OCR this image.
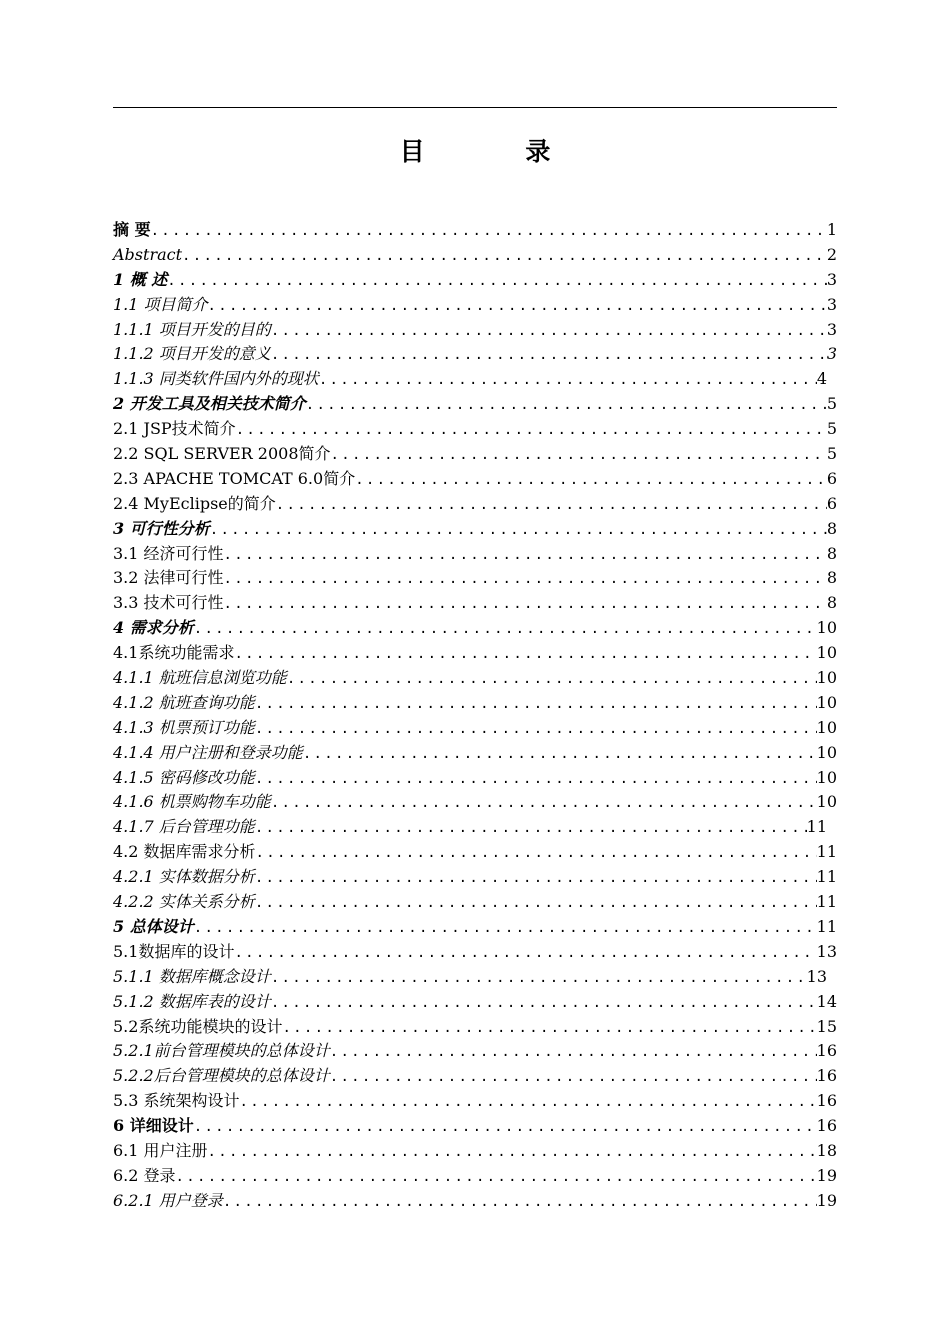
目 录
摘 要 .....	1
Abstract .....	2
1 概 述 .....	3
1.1 项目简介 .....	3
1.1.1 项目开发的目的 .....	3
1.1.2 项目开发的意义 .....	3
1.1.3 同类软件国内外的现状 .....	4
2 开发工具及相关技术简介 .....	5
2.1 JSP技术简介 .....	5
2.2 SQL SERVER 2008简介 .....	5
2.3 APACHE TOMCAT 6.0简介 .....	6
2.4 MyEclipse的简介 .....	6
3 可行性分析 .....	8
3.1 经济可行性 .....	8
3.2 法律可行性 .....	8
3.3 技术可行性 .....	8
4 需求分析 .....	10
4.1系统功能需求 .....	10
4.1.1 航班信息浏览功能 .....	10
4.1.2 航班查询功能 .....	10
4.1.3 机票预订功能 .....	10
4.1.4 用户注册和登录功能 .....	10
4.1.5 密码修改功能 .....	10
4.1.6 机票购物车功能 .....	10
4.1.7 后台管理功能 .....	11
4.2 数据库需求分析 .....	11
4.2.1 实体数据分析 .....	11
4.2.2 实体关系分析 .....	11
5 总体设计 .....	11
5.1数据库的设计 .....	13
5.1.1 数据库概念设计 .....	13
5.1.2 数据库表的设计 .....	14
5.2系统功能模块的设计 .....	15
5.2.1前台管理模块的总体设计 .....	16
5.2.2后台管理模块的总体设计 .....	16
5.3 系统架构设计 .....	16
6 详细设计 .....	16
6.1 用户注册 .....	18
6.2 登录 .....	19
6.2.1 用户登录 .....	19
